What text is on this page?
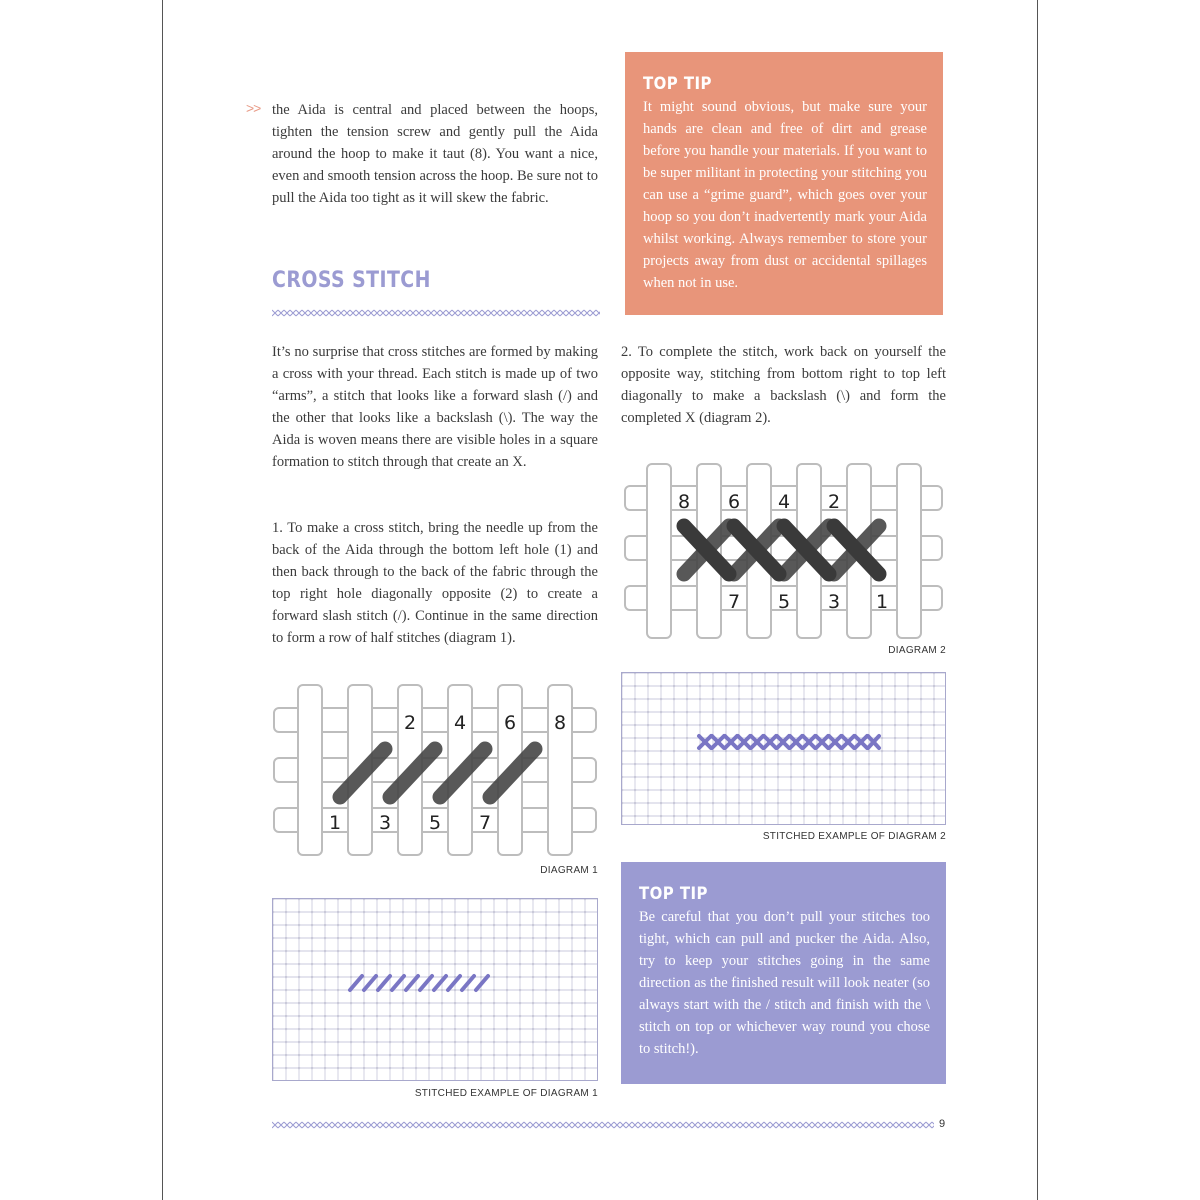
>> the Aida is central and placed between the hoops, tighten the tension screw and gently pull the Aida around the hoop to make it taut (8). You want a nice, even and smooth tension across the hoop. Be sure not to pull the Aida too tight as it will skew the fabric.
TOP TIP
It might sound obvious, but make sure your hands are clean and free of dirt and grease before you handle your materials. If you want to be super militant in protecting your stitching you can use a “grime guard”, which goes over your hoop so you don’t inadvertently mark your Aida whilst working. Always remember to store your projects away from dust or accidental spillages when not in use.
CROSS STITCH
It’s no surprise that cross stitches are formed by making a cross with your thread. Each stitch is made up of two “arms”, a stitch that looks like a forward slash (/) and the other that looks like a backslash (\). The way the Aida is woven means there are visible holes in a square formation to stitch through that create an X.
1. To make a cross stitch, bring the needle up from the back of the Aida through the bottom left hole (1) and then back through to the back of the fabric through the top right hole diagonally opposite (2) to create a forward slash stitch (/). Continue in the same direction to form a row of half stitches (diagram 1).
2. To complete the stitch, work back on yourself the opposite way, stitching from bottom right to top left diagonally to make a backslash (\) and form the completed X (diagram 2).
8 6 4 2
7 5 3 1
DIAGRAM 2
STITCHED EXAMPLE OF DIAGRAM 2
2 4 6 8
1 3 5 7
DIAGRAM 1
STITCHED EXAMPLE OF DIAGRAM 1
TOP TIP
Be careful that you don’t pull your stitches too tight, which can pull and pucker the Aida. Also, try to keep your stitches going in the same direction as the finished result will look neater (so always start with the / stitch and finish with the \ stitch on top or whichever way round you chose to stitch!).
9
